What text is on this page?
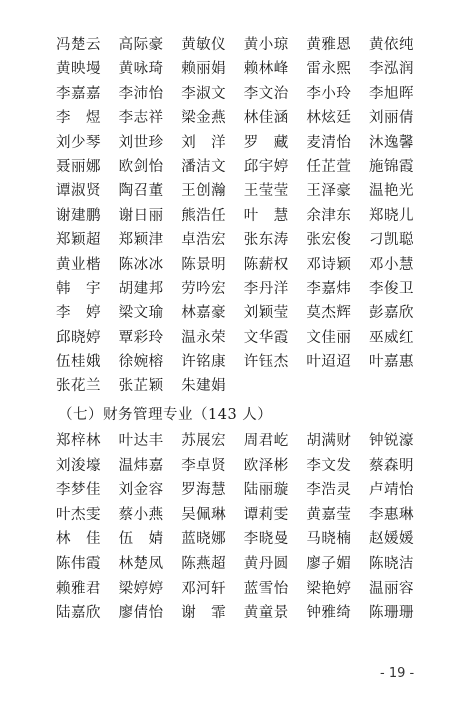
冯楚云	高际豪	黄敏仪	黄小琼	黄雅恩	黄依纯
黄映墁	黄咏琦	赖丽娟	赖林峰	雷永熙	李泓润
李嘉嘉	李沛怡	李淑文	李文治	李小玲	李旭晖
李　煜	李志祥	梁金燕	林佳涵	林炫廷	刘丽倩
刘少琴	刘世珍	刘　洋	罗　藏	麦清怡	沐逸馨
聂丽娜	欧剑怡	潘洁文	邱宇婷	任芷萱	施锦霞
谭淑贤	陶召董	王创瀚	王莹莹	王泽豪	温艳光
谢建鹏	谢日丽	熊浩任	叶　慧	余津东	郑晓儿
郑颖超	郑颖津	卓浩宏	张东涛	张宏俊	刁凯聪
黄业楷	陈冰冰	陈景明	陈薪权	邓诗颖	邓小慧
韩　宇	胡建邦	劳吟宏	李丹洋	李嘉炜	李俊卫
李　婷	梁文瑜	林嘉豪	刘颖莹	莫杰辉	彭嘉欣
邱晓婷	覃彩玲	温永荣	文华霞	文佳丽	巫威红
伍桂娥	徐婉榕	许铭康	许钰杰	叶迢迢	叶嘉惠
张花兰	张芷颖	朱建娟
（七）财务管理专业（143 人）
郑梓林	叶达丰	苏展宏	周君屹	胡满财	钟锐濠
刘浚壕	温炜嘉	李卓贤	欧泽彬	李文发	蔡森明
李梦佳	刘金容	罗海慧	陆丽璇	李浩灵	卢靖怡
叶杰雯	蔡小燕	吴佩琳	谭莉雯	黄嘉莹	李惠琳
林　佳	伍　婧	蓝晓娜	李晓曼	马晓楠	赵媛媛
陈伟霞	林楚凤	陈燕超	黄丹圆	廖子媚	陈晓洁
赖雅君	梁婷婷	邓河轩	蓝雪怡	梁艳婷	温丽容
陆嘉欣	廖倩怡	谢　霏	黄童景	钟雅绮	陈珊珊
- 19 -
